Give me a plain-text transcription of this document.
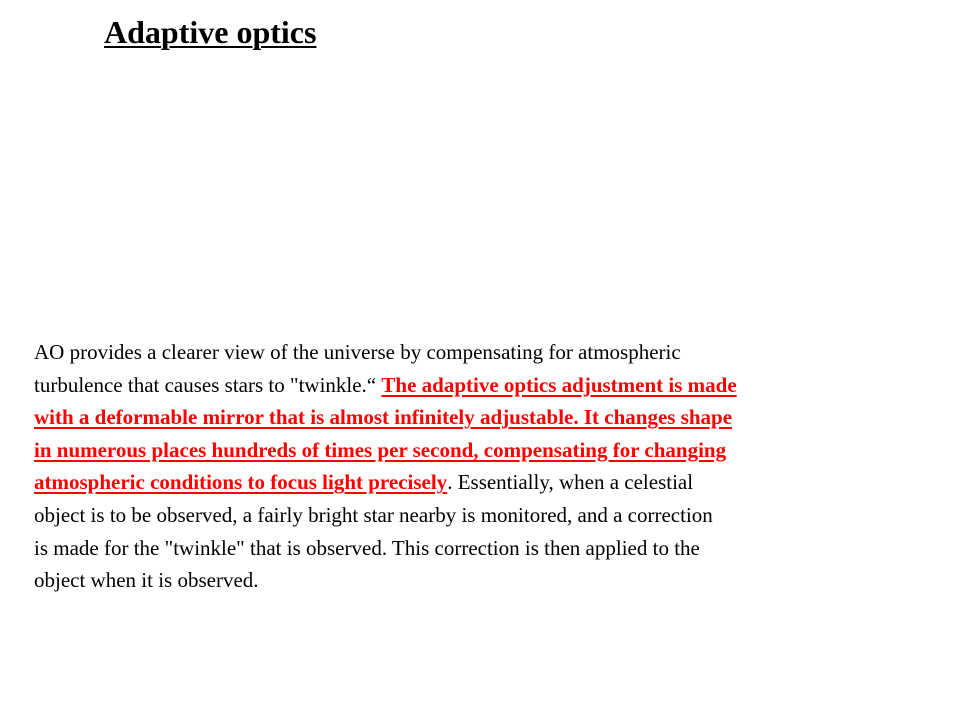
Adaptive optics

AO provides a clearer view of the universe by compensating for atmospheric
turbulence that causes stars to "twinkle.“ The adaptive optics adjustment is made
with a deformable mirror that is almost infinitely adjustable. It changes shape
in numerous places hundreds of times per second, compensating for changing
atmospheric conditions to focus light precisely. Essentially, when a celestial
object is to be observed, a fairly bright star nearby is monitored, and a correction
is made for the "twinkle" that is observed. This correction is then applied to the
object when it is observed.
